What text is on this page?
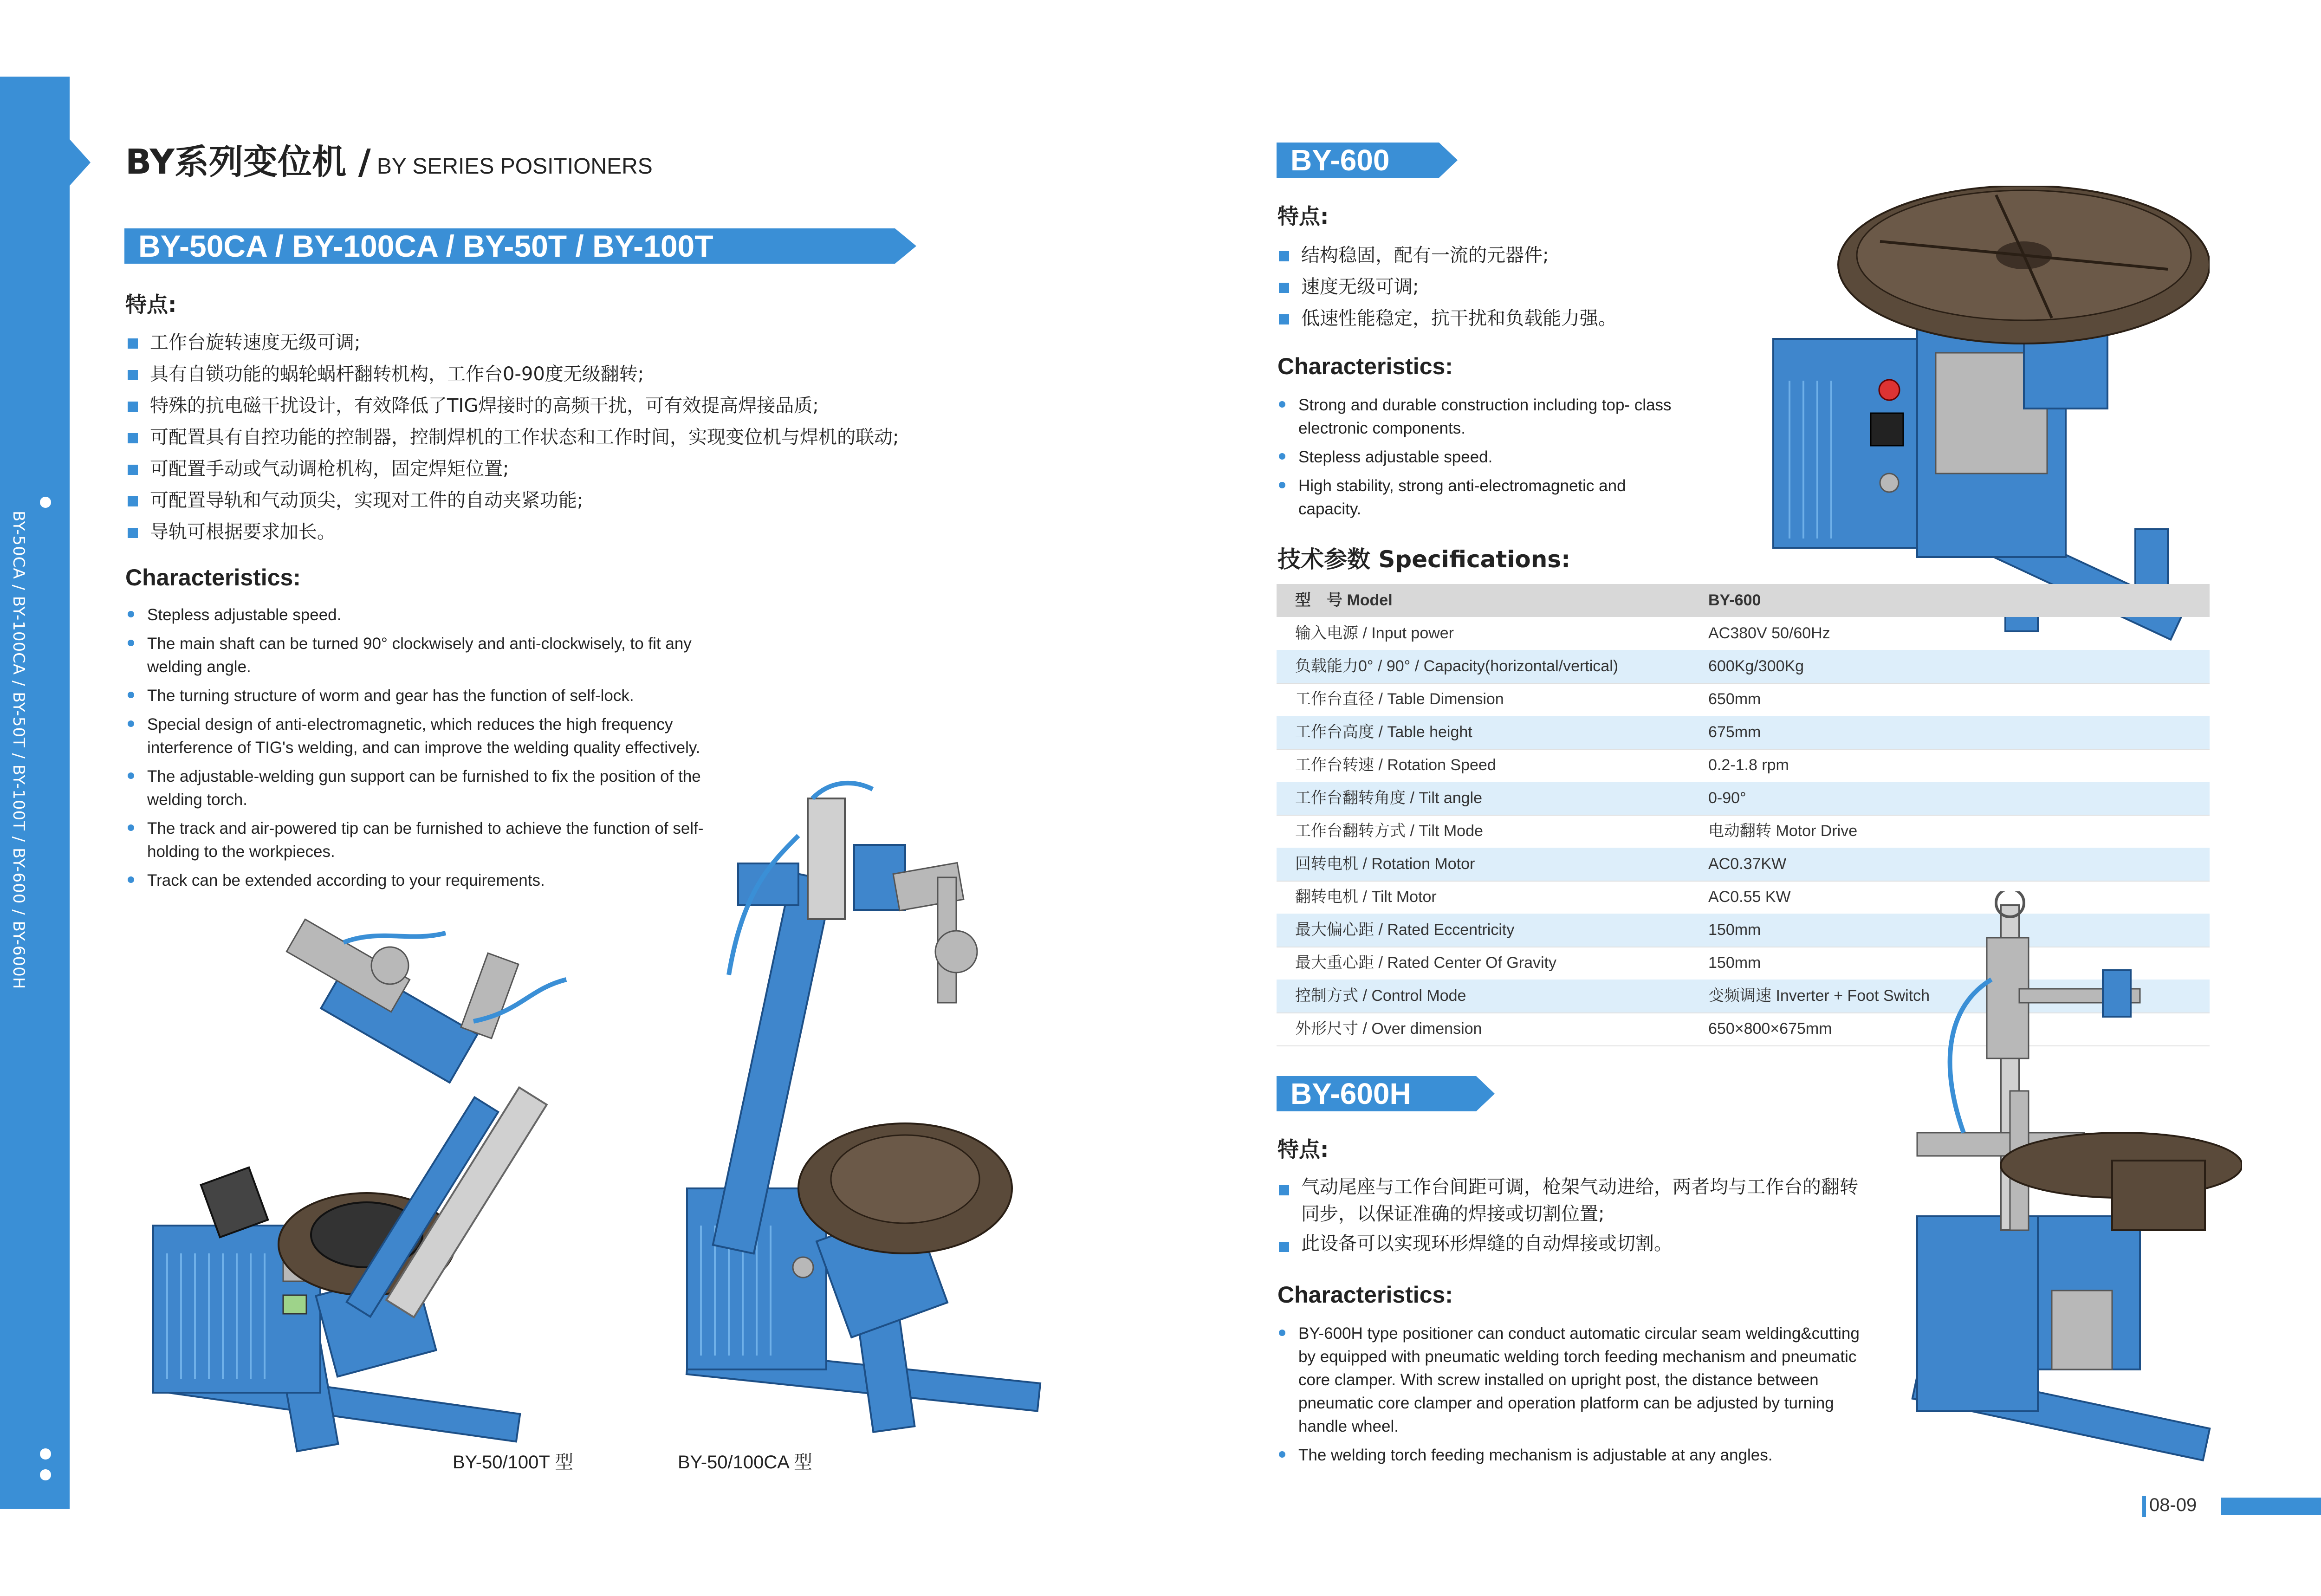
BY-50CA / BY-100CA / BY-50T / BY-100T / BY-600 / BY-600H
BY系列变位机 / BY SERIES POSITIONERS
BY-50CA / BY-100CA / BY-50T / BY-100T
特点:
工作台旋转速度无级可调;
具有自锁功能的蜗轮蜗杆翻转机构，工作台0-90度无级翻转;
特殊的抗电磁干扰设计，有效降低了TIG焊接时的高频干扰，可有效提高焊接品质;
可配置具有自控功能的控制器，控制焊机的工作状态和工作时间，实现变位机与焊机的联动;
可配置手动或气动调枪机构，固定焊矩位置;
可配置导轨和气动顶尖，实现对工件的自动夹紧功能;
导轨可根据要求加长。
Characteristics:
Stepless adjustable speed.
The main shaft can be turned 90° clockwisely and anti-clockwisely, to fit any
welding angle.
The turning structure of worm and gear has the function of self-lock.
Special design of anti-electromagnetic, which reduces the high frequency
interference of TIG's welding, and can improve the welding quality effectively.
The adjustable-welding gun support can be furnished to fix the position of the
welding torch.
The track and air-powered tip can be furnished to achieve the function of self-
holding to the workpieces.
Track can be extended according to your requirements.
BY-50/100T 型	BY-50/100CA 型
BY-600
特点:
结构稳固，配有一流的元器件;
速度无级可调;
低速性能稳定，抗干扰和负载能力强。
Characteristics:
Strong and durable construction including top- class
electronic components.
Stepless adjustable speed.
High stability, strong anti-electromagnetic and
capacity.
技术参数 Specifications:
型　号 Model	BY-600
输入电源 / Input power	AC380V 50/60Hz
负载能力0° / 90° / Capacity(horizontal/vertical)	600Kg/300Kg
工作台直径 / Table Dimension	650mm
工作台高度 / Table height	675mm
工作台转速 / Rotation Speed	0.2-1.8 rpm
工作台翻转角度 / Tilt angle	0-90°
工作台翻转方式 / Tilt Mode	电动翻转 Motor Drive
回转电机 / Rotation Motor	AC0.37KW
翻转电机 / Tilt Motor	AC0.55 KW
最大偏心距 / Rated Eccentricity	150mm
最大重心距 / Rated Center Of Gravity	150mm
控制方式 / Control Mode	变频调速 Inverter + Foot Switch
外形尺寸 / Over dimension	650×800×675mm
BY-600H
特点:
气动尾座与工作台间距可调，枪架气动进给，两者均与工作台的翻转
同步，以保证准确的焊接或切割位置;
此设备可以实现环形焊缝的自动焊接或切割。
Characteristics:
BY-600H type positioner can conduct automatic circular seam welding&cutting
by equipped with pneumatic welding torch feeding mechanism and pneumatic
core clamper. With screw installed on upright post, the distance between
pneumatic core clamper and operation platform can be adjusted by turning
handle wheel.
The welding torch feeding mechanism is adjustable at any angles.
08-09
